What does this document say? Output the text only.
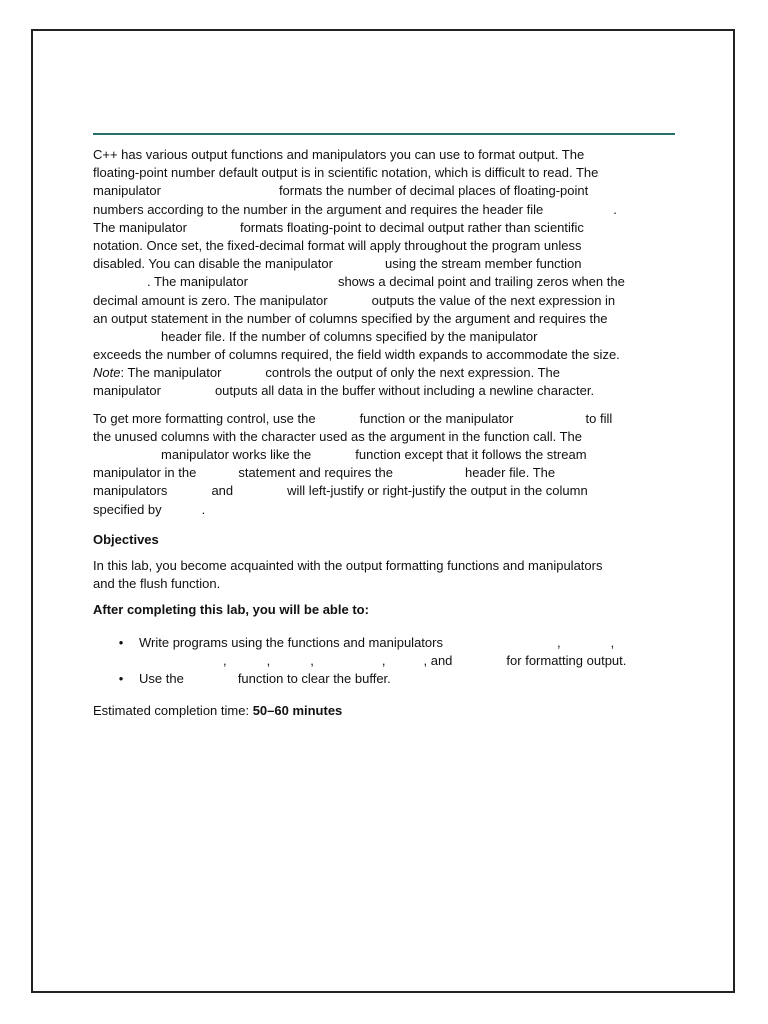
C++ has various output functions and manipulators you can use to format output. The
floating-point number default output is in scientific notation, which is difficult to read. The
manipulator	formats the number of decimal places of floating-point
numbers according to the number in the argument and requires the header file	.
The manipulator	formats floating-point to decimal output rather than scientific
notation. Once set, the fixed-decimal format will apply throughout the program unless
disabled. You can disable the manipulator	using the stream member function
. The manipulator	shows a decimal point and trailing zeros when the
decimal amount is zero. The manipulator	outputs the value of the next expression in
an output statement in the number of columns specified by the argument and requires the
header file. If the number of columns specified by the manipulator
exceeds the number of columns required, the field width expands to accommodate the size.
Note: The manipulator	controls the output of only the next expression. The
manipulator	outputs all data in the buffer without including a newline character.
To get more formatting control, use the	function or the manipulator	to fill
the unused columns with the character used as the argument in the function call. The
manipulator works like the	function except that it follows the stream
manipulator in the	statement and requires the	header file. The
manipulators	and	will left-justify or right-justify the output in the column
specified by	.
Objectives
In this lab, you become acquainted with the output formatting functions and manipulators
and the flush function.
After completing this lab, you will be able to:
• Write programs using the functions and manipulators	,	,
,	,	,	,	, and	for formatting output.
• Use the	function to clear the buffer.
Estimated completion time: 50–60 minutes
